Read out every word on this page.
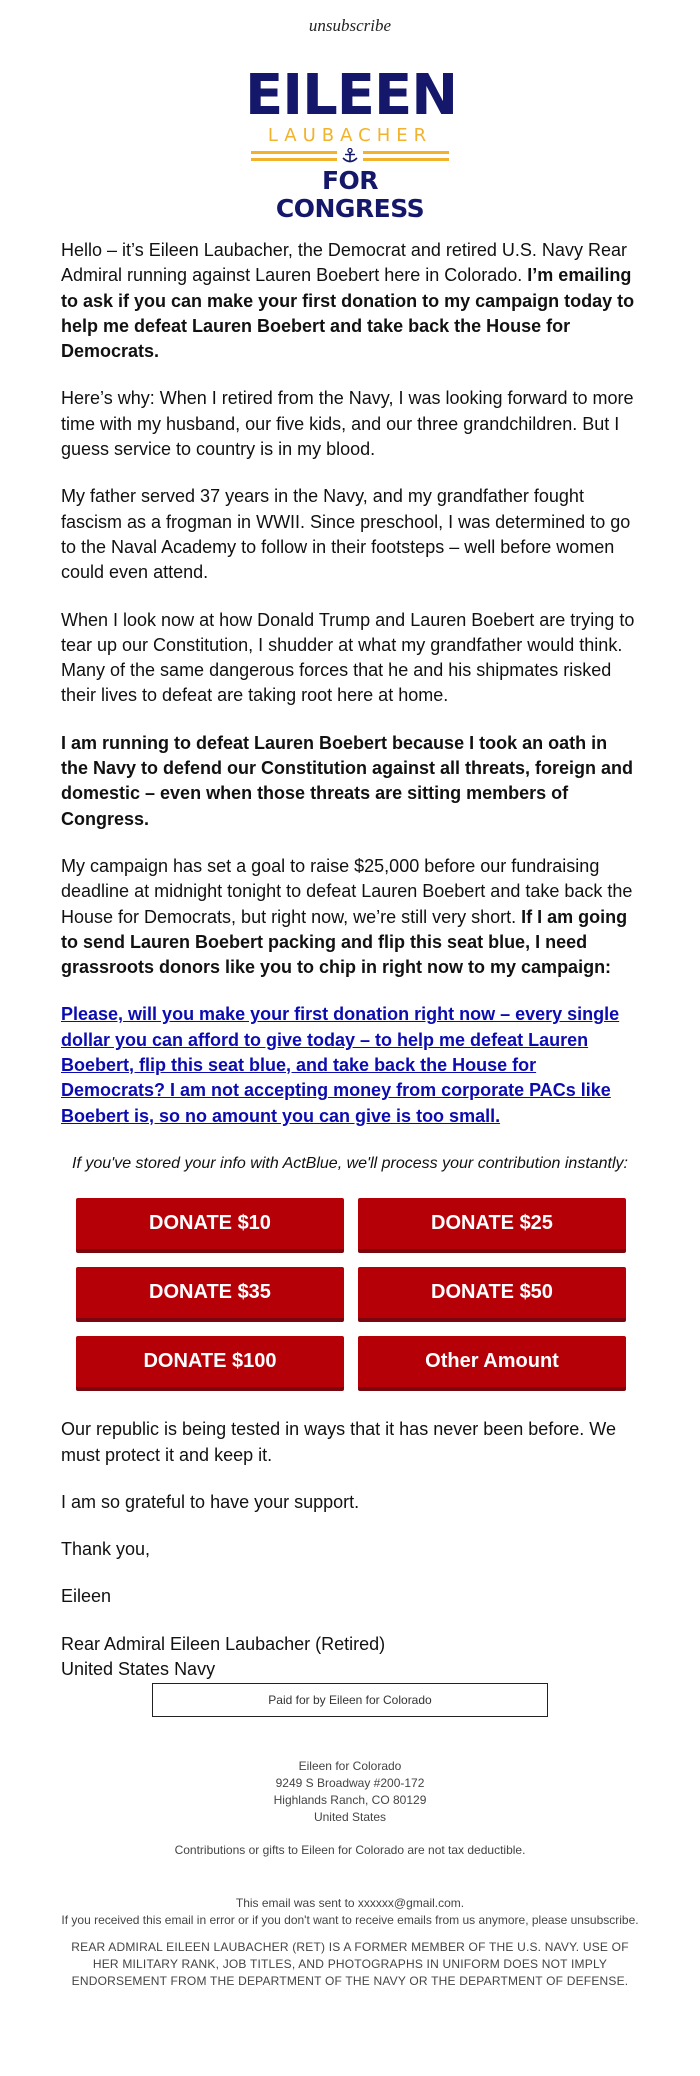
unsubscribe
EILEEN
LAUBACHER
FOR CONGRESS

Hello – it’s Eileen Laubacher, the Democrat and retired U.S. Navy Rear Admiral running against Lauren Boebert here in Colorado. I’m emailing to ask if you can make your first donation to my campaign today to help me defeat Lauren Boebert and take back the House for Democrats.

Here’s why: When I retired from the Navy, I was looking forward to more time with my husband, our five kids, and our three grandchildren. But I guess service to country is in my blood.

My father served 37 years in the Navy, and my grandfather fought fascism as a frogman in WWII. Since preschool, I was determined to go to the Naval Academy to follow in their footsteps – well before women could even attend.

When I look now at how Donald Trump and Lauren Boebert are trying to tear up our Constitution, I shudder at what my grandfather would think. Many of the same dangerous forces that he and his shipmates risked their lives to defeat are taking root here at home.

I am running to defeat Lauren Boebert because I took an oath in the Navy to defend our Constitution against all threats, foreign and domestic – even when those threats are sitting members of Congress.

My campaign has set a goal to raise $25,000 before our fundraising deadline at midnight tonight to defeat Lauren Boebert and take back the House for Democrats, but right now, we’re still very short. If I am going to send Lauren Boebert packing and flip this seat blue, I need grassroots donors like you to chip in right now to my campaign:

Please, will you make your first donation right now – every single dollar you can afford to give today – to help me defeat Lauren Boebert, flip this seat blue, and take back the House for Democrats? I am not accepting money from corporate PACs like Boebert is, so no amount you can give is too small.

If you've stored your info with ActBlue, we'll process your contribution instantly:

DONATE $10	DONATE $25
DONATE $35	DONATE $50
DONATE $100	Other Amount

Our republic is being tested in ways that it has never been before. We must protect it and keep it.

I am so grateful to have your support.

Thank you,

Eileen

Rear Admiral Eileen Laubacher (Retired)
United States Navy

Paid for by Eileen for Colorado
Eileen for Colorado
9249 S Broadway #200-172
Highlands Ranch, CO 80129
United States
Contributions or gifts to Eileen for Colorado are not tax deductible.
This email was sent to xxxxxx@gmail.com.
If you received this email in error or if you don't want to receive emails from us anymore, please unsubscribe.
REAR ADMIRAL EILEEN LAUBACHER (RET) IS A FORMER MEMBER OF THE U.S. NAVY. USE OF HER MILITARY RANK, JOB TITLES, AND PHOTOGRAPHS IN UNIFORM DOES NOT IMPLY ENDORSEMENT FROM THE DEPARTMENT OF THE NAVY OR THE DEPARTMENT OF DEFENSE.
